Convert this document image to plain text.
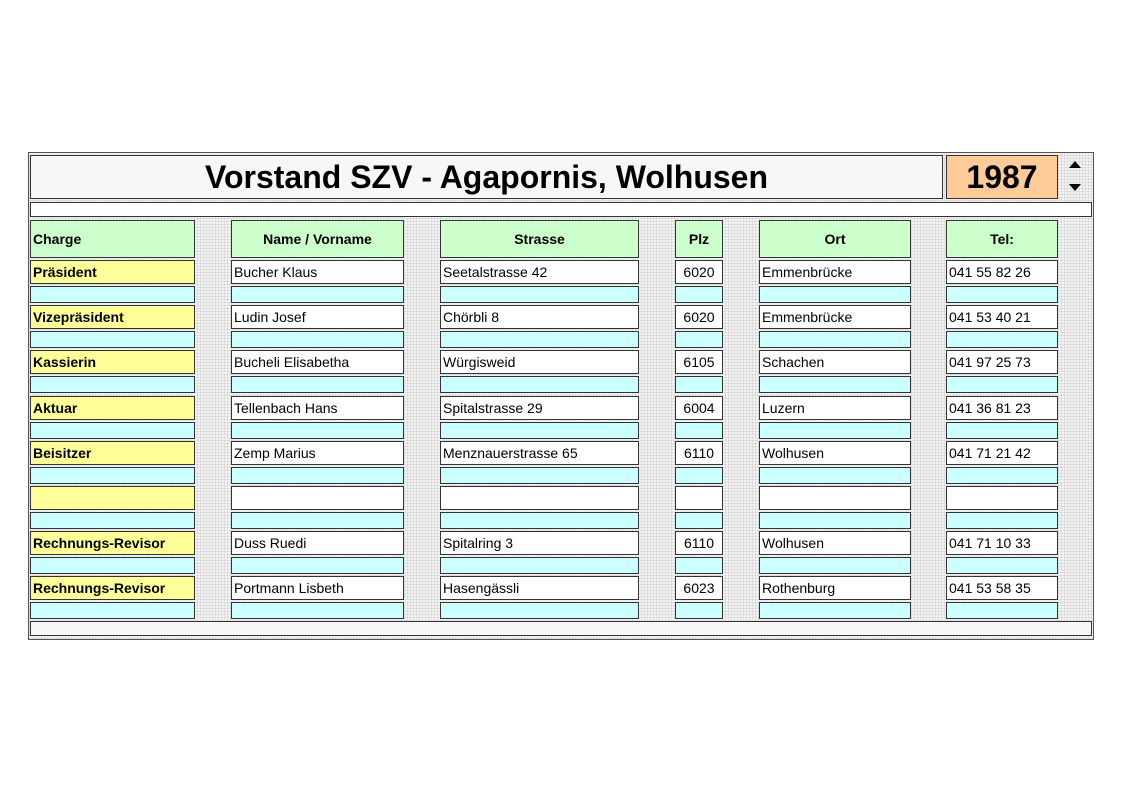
Vorstand SZV - Agapornis, Wolhusen	1987
Charge	Name / Vorname	Strasse	Plz	Ort	Tel:
Präsident	Bucher Klaus	Seetalstrasse 42	6020	Emmenbrücke	041 55 82 26
Vizepräsident	Ludin Josef	Chörbli 8	6020	Emmenbrücke	041 53 40 21
Kassierin	Bucheli Elisabetha	Würgisweid	6105	Schachen	041 97 25 73
Aktuar	Tellenbach Hans	Spitalstrasse 29	6004	Luzern	041 36 81 23
Beisitzer	Zemp Marius	Menznauerstrasse 65	6110	Wolhusen	041 71 21 42
Rechnungs-Revisor	Duss Ruedi	Spitalring 3	6110	Wolhusen	041 71 10 33
Rechnungs-Revisor	Portmann Lisbeth	Hasengässli	6023	Rothenburg	041 53 58 35
